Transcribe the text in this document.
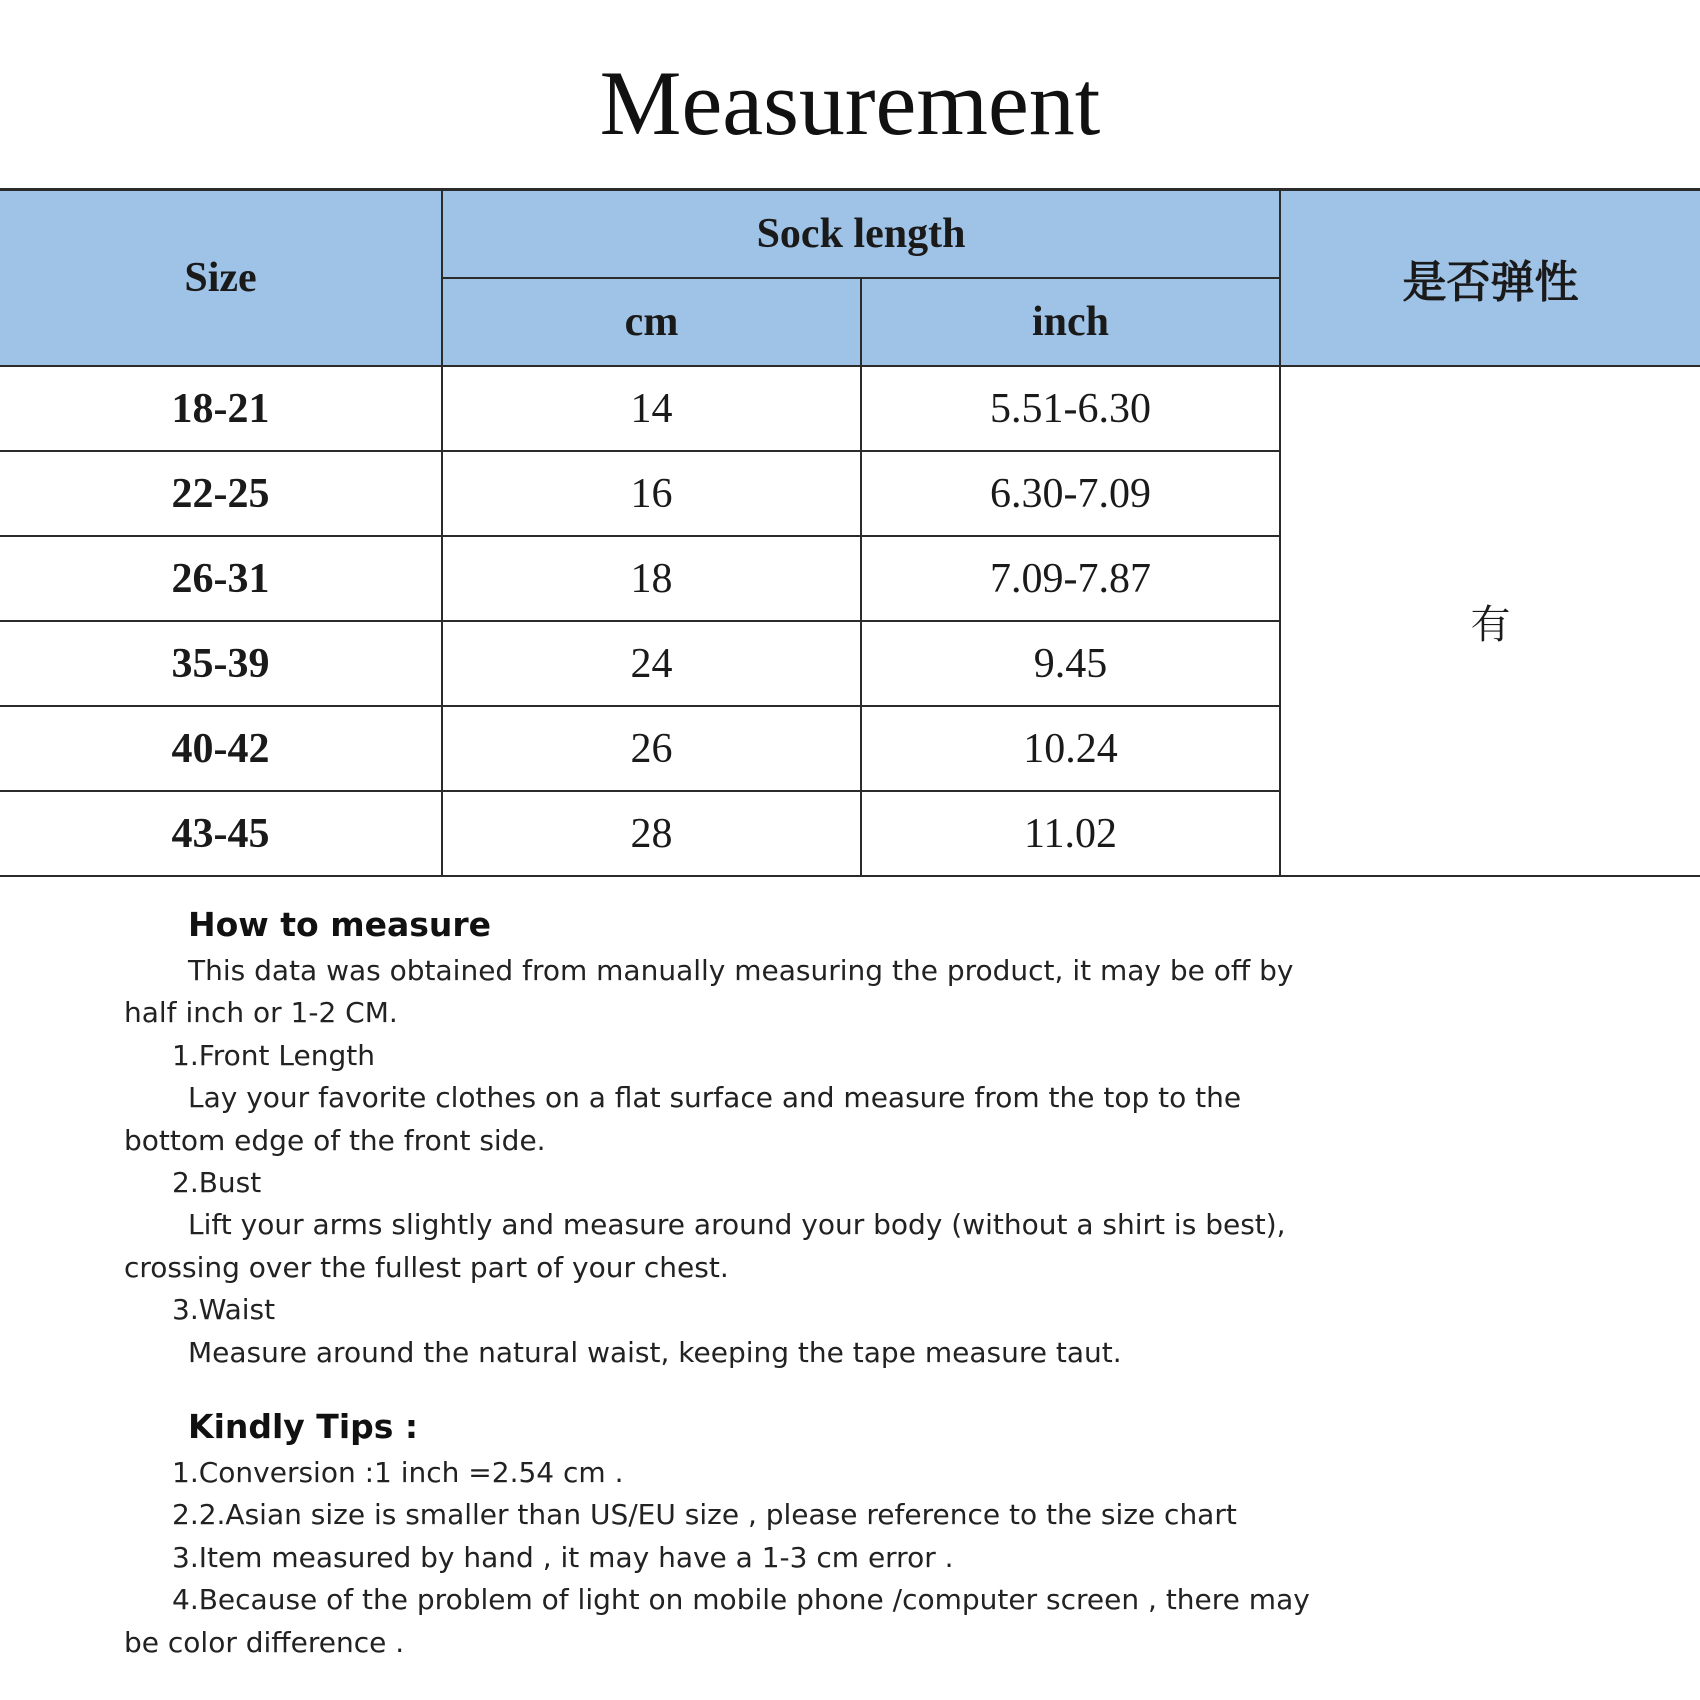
Measurement
Size	Sock length		是否弹性
	cm	inch	
18-21	14	5.51-6.30	有
22-25	16	6.30-7.09	
26-31	18	7.09-7.87	
35-39	24	9.45	
40-42	26	10.24	
43-45	28	11.02	
How to measure
This data was obtained from manually measuring the product, it may be off by
half inch or 1-2 CM.
1.Front Length
Lay your favorite clothes on a flat surface and measure from the top to the
bottom edge of the front side.
2.Bust
Lift your arms slightly and measure around your body (without a shirt is best),
crossing over the fullest part of your chest.
3.Waist
Measure around the natural waist, keeping the tape measure taut.
Kindly Tips :
1.Conversion :1 inch =2.54 cm .
2.2.Asian size is smaller than US/EU size , please reference to the size chart
3.Item measured by hand , it may have a 1-3 cm error .
4.Because of the problem of light on mobile phone /computer screen , there may
be color difference .
